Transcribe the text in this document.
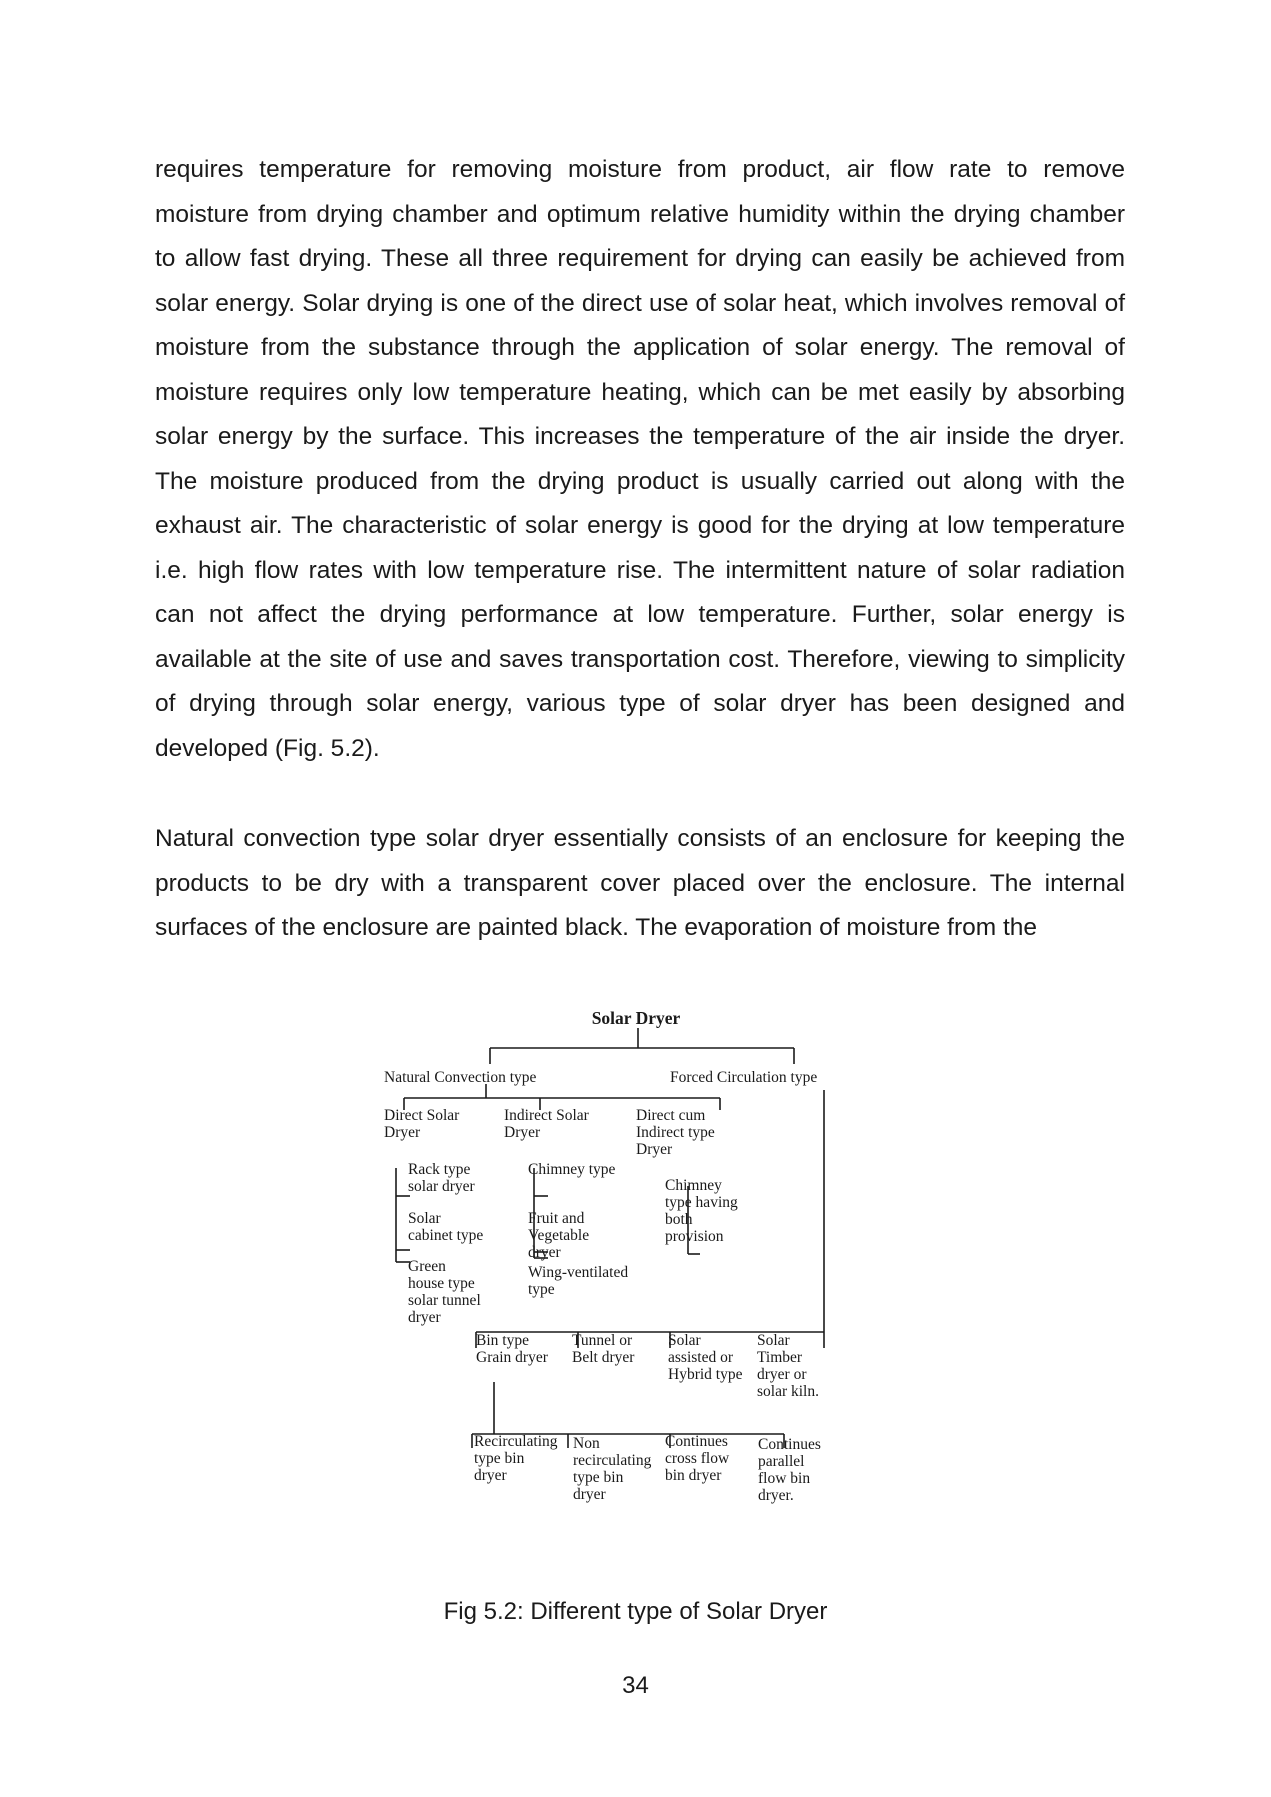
requires temperature for removing moisture from product, air flow rate to remove moisture from drying chamber and optimum relative humidity within the drying chamber to allow fast drying. These all three requirement for drying can easily be achieved from solar energy. Solar drying is one of the direct use of solar heat, which involves removal of moisture from the substance through the application of solar energy. The removal of moisture requires only low temperature heating, which can be met easily by absorbing solar energy by the surface. This increases the temperature of the air inside the dryer. The moisture produced from the drying product is usually carried out along with the exhaust air. The characteristic of solar energy is good for the drying at low temperature i.e. high flow rates with low temperature rise. The intermittent nature of solar radiation can not affect the drying performance at low temperature. Further, solar energy is available at the site of use and saves transportation cost. Therefore, viewing to simplicity of drying through solar energy, various type of solar dryer has been designed and developed (Fig. 5.2).

Natural convection type solar dryer essentially consists of an enclosure for keeping the products to be dry with a transparent cover placed over the enclosure. The internal surfaces of the enclosure are painted black. The evaporation of moisture from the

Solar Dryer
Natural Convection type	Forced Circulation type
Direct Solar Dryer
Indirect Solar Dryer
Direct cum Indirect type Dryer
Rack type solar dryer
Solar cabinet type
Green house type solar tunnel dryer
Chimney type
Fruit and Vegetable dryer
Wing-ventilated type
Chimney type having both provision
Bin type Grain dryer
Tunnel or Belt dryer
Solar assisted or Hybrid type
Solar Timber dryer or solar kiln.
Recirculating type bin dryer
Non recirculating type bin dryer
Continues cross flow bin dryer
Continues parallel flow bin dryer.
Fig 5.2: Different type of Solar Dryer
34
